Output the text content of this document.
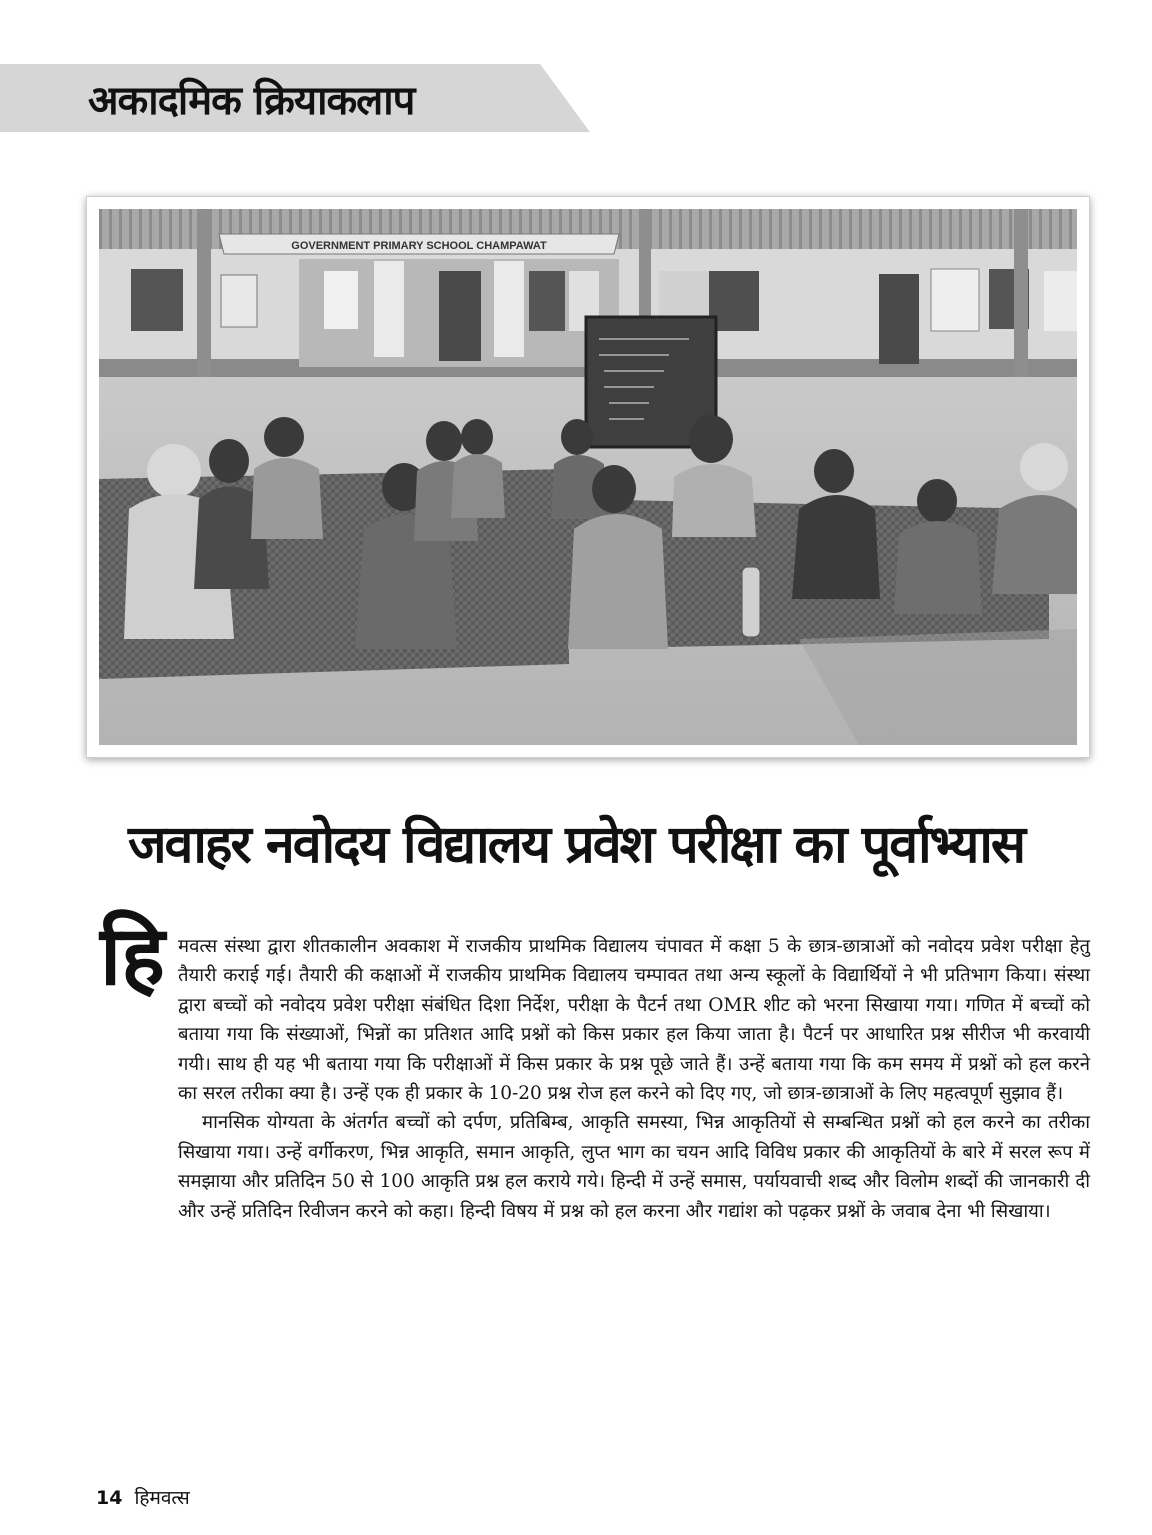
अकादमिक क्रियाकलाप
GOVERNMENT PRIMARY SCHOOL CHAMPAWAT
जवाहर नवोदय विद्यालय प्रवेश परीक्षा का पूर्वाभ्यास
हि मवत्स संस्था द्वारा शीतकालीन अवकाश में राजकीय प्राथमिक विद्यालय चंपावत में कक्षा 5 के छात्र-छात्राओं को नवोदय प्रवेश परीक्षा हेतु तैयारी कराई गई। तैयारी की कक्षाओं में राजकीय प्राथमिक विद्यालय चम्पावत तथा अन्य स्कूलों के विद्यार्थियों ने भी प्रतिभाग किया। संस्था द्वारा बच्चों को नवोदय प्रवेश परीक्षा संबंधित दिशा निर्देश, परीक्षा के पैटर्न तथा OMR शीट को भरना सिखाया गया। गणित में बच्चों को बताया गया कि संख्याओं, भिन्नों का प्रतिशत आदि प्रश्नों को किस प्रकार हल किया जाता है। पैटर्न पर आधारित प्रश्न सीरीज भी करवायी गयी। साथ ही यह भी बताया गया कि परीक्षाओं में किस प्रकार के प्रश्न पूछे जाते हैं। उन्हें बताया गया कि कम समय में प्रश्नों को हल करने का सरल तरीका क्या है। उन्हें एक ही प्रकार के 10-20 प्रश्न रोज हल करने को दिए गए, जो छात्र-छात्राओं के लिए महत्वपूर्ण सुझाव हैं।

मानसिक योग्यता के अंतर्गत बच्चों को दर्पण, प्रतिबिम्ब, आकृति समस्या, भिन्न आकृतियों से सम्बन्धित प्रश्नों को हल करने का तरीका सिखाया गया। उन्हें वर्गीकरण, भिन्न आकृति, समान आकृति, लुप्त भाग का चयन आदि विविध प्रकार की आकृतियों के बारे में सरल रूप में समझाया और प्रतिदिन 50 से 100 आकृति प्रश्न हल कराये गये। हिन्दी में उन्हें समास, पर्यायवाची शब्द और विलोम शब्दों की जानकारी दी और उन्हें प्रतिदिन रिवीजन करने को कहा। हिन्दी विषय में प्रश्न को हल करना और गद्यांश को पढ़कर प्रश्नों के जवाब देना भी सिखाया।

14 हिमवत्स
